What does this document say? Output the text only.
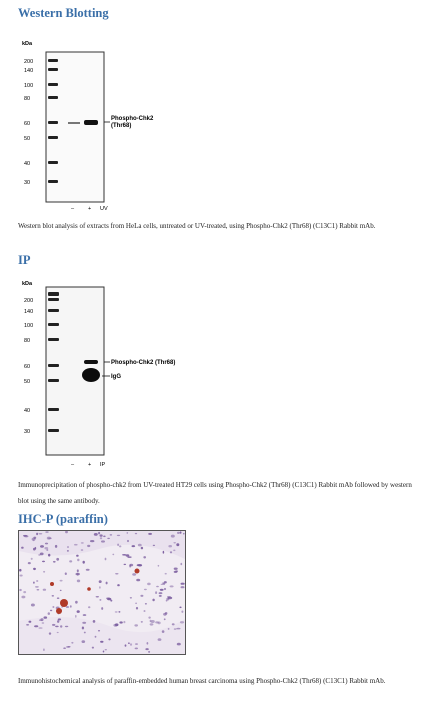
Western Blotting
kDa
200
140
100
80
60
50
40
30
Phospho-Chk2
(Thr68)
–	+ UV
Western blot analysis of extracts from HeLa cells, untreated or UV-treated, using Phospho-Chk2 (Thr68) (C13C1) Rabbit mAb.
IP
kDa
200
140
100
80
60
50
40
30
Phospho-Chk2 (Thr68)
IgG
–	+ IP
Immunoprecipitation of phospho-chk2 from UV-treated HT29 cells using Phospho-Chk2 (Thr68) (C13C1) Rabbit mAb followed by western blot using the same antibody.
IHC-P (paraffin)
Immunohistochemical analysis of paraffin-embedded human breast carcinoma using Phospho-Chk2 (Thr68) (C13C1) Rabbit mAb.
